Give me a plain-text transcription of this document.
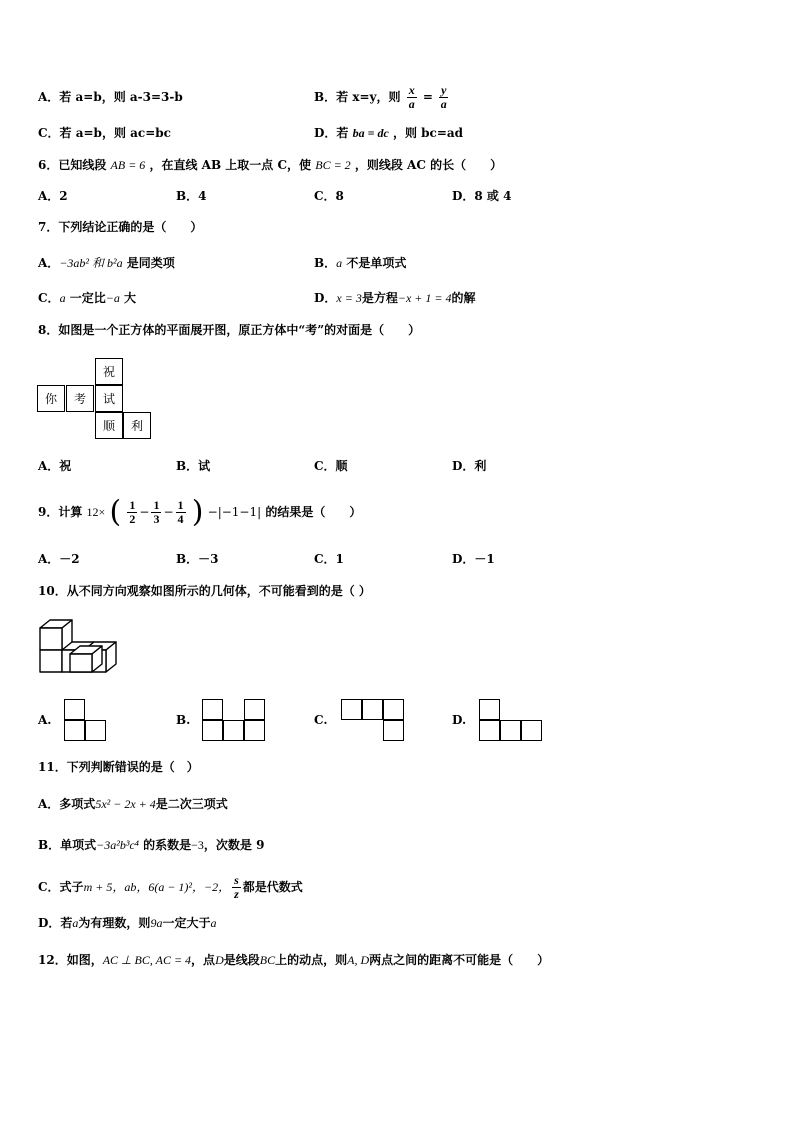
A．若 a=b，则 a-3=3-b	B．若 x=y，则 $\frac{x}{a} = \frac{y}{a}$
C．若 a=b，则 ac=bc	D．若 ba = dc ，则 bc=ad
6．已知线段 AB = 6 ，在直线 AB 上取一点 C，使 BC = 2 ，则线段 AC 的长（　　）
A．2	B．4	C．8	D．8 或 4
7．下列结论正确的是（　　）
A．−3ab² 和 b²a 是同类项	B．a 不是单项式
C．a 一定比−a 大	D．x = 3是方程−x + 1 = 4的解
8．如图是一个正方体的平面展开图，原正方体中“考”的对面是（　　）
祝
你	考	试
顺	利
A．祝	B．试	C．顺	D．利
9．计算 12× ( $\frac{1}{2} - \frac{1}{3} - \frac{1}{4}$ ) −|−1−1| 的结果是（　　）
A．－2	B．－3	C．1	D．－1
10．从不同方向观察如图所示的几何体，不可能看到的是（ ）
A.	B.	C.	D.
11．下列判断错误的是（　）
A．多项式5x² − 2x + 4是二次三项式
B．单项式−3a²b³c⁴ 的系数是−3，次数是 9
C．式子m + 5，ab，6(a − 1)²，−2， $\frac{s}{z}$ 都是代数式
D．若a为有理数，则9a一定大于a
12．如图，AC ⊥ BC, AC = 4，点D是线段BC上的动点，则A, D两点之间的距离不可能是（　　）
